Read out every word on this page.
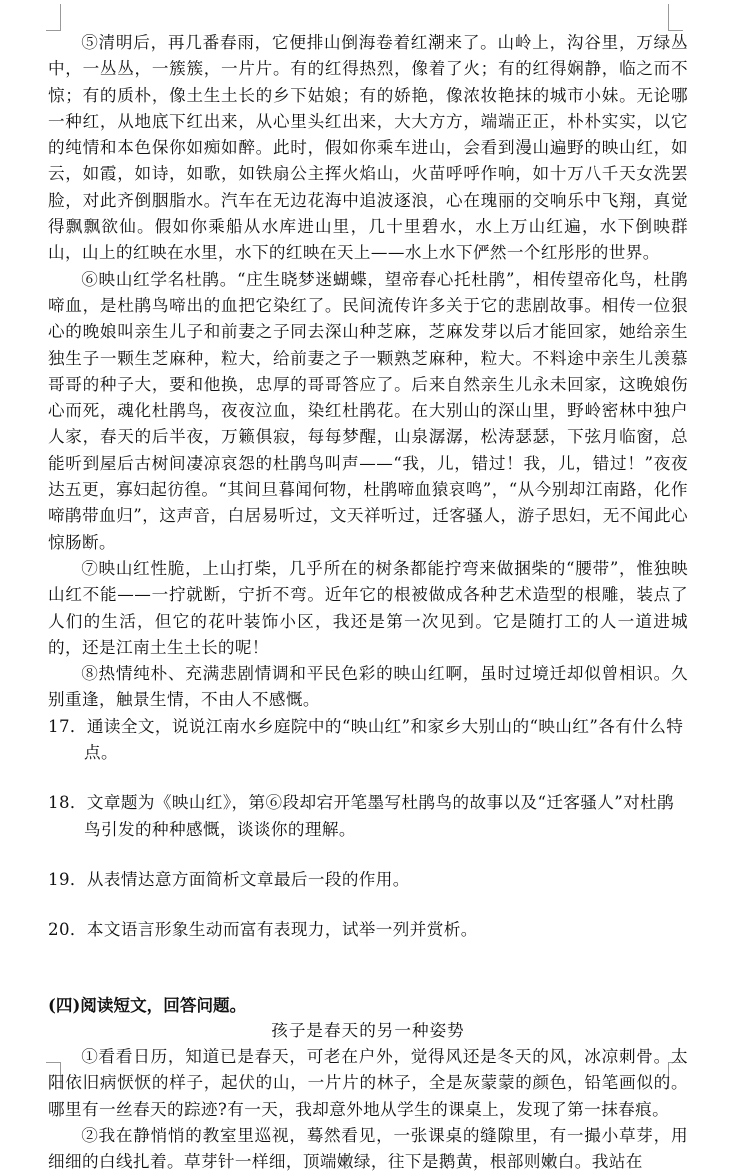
⑤清明后，再几番春雨，它便排山倒海卷着红潮来了。山岭上，沟谷里，万绿丛中，一丛丛，一簇簇，一片片。有的红得热烈，像着了火；有的红得娴静，临之而不惊；有的质朴，像土生土长的乡下姑娘；有的娇艳，像浓妆艳抹的城市小妹。无论哪一种红，从地底下红出来，从心里头红出来，大大方方，端端正正，朴朴实实，以它的纯情和本色保你如痴如醉。此时，假如你乘车进山，会看到漫山遍野的映山红，如云，如霞，如诗，如歌，如铁扇公主挥火焰山，火苗呼呼作响，如十万八千天女洗罢脸，对此齐倒胭脂水。汽车在无边花海中追波逐浪，心在瑰丽的交响乐中飞翔，真觉得飘飘欲仙。假如你乘船从水库进山里，几十里碧水，水上万山红遍，水下倒映群山，山上的红映在水里，水下的红映在天上——水上水下俨然一个红彤彤的世界。

⑥映山红学名杜鹃。“庄生晓梦迷蝴蝶，望帝春心托杜鹃”，相传望帝化鸟，杜鹃啼血，是杜鹃鸟啼出的血把它染红了。民间流传许多关于它的悲剧故事。相传一位狠心的晚娘叫亲生儿子和前妻之子同去深山种芝麻，芝麻发芽以后才能回家，她给亲生独生子一颗生芝麻种，粒大，给前妻之子一颗熟芝麻种，粒大。不料途中亲生儿羡慕哥哥的种子大，要和他换，忠厚的哥哥答应了。后来自然亲生儿永未回家，这晚娘伤心而死，魂化杜鹃鸟，夜夜泣血，染红杜鹃花。在大别山的深山里，野岭密林中独户人家，春天的后半夜，万籁俱寂，每每梦醒，山泉潺潺，松涛瑟瑟，下弦月临窗，总能听到屋后古树间凄凉哀怨的杜鹃鸟叫声——“我，儿，错过！我，儿，错过！”夜夜达五更，寡妇起彷徨。“其间旦暮闻何物，杜鹃啼血猿哀鸣”，“从今别却江南路，化作啼鹃带血归”，这声音，白居易听过，文天祥听过，迁客骚人，游子思妇，无不闻此心惊肠断。

⑦映山红性脆，上山打柴，几乎所在的树条都能拧弯来做捆柴的“腰带”，惟独映山红不能——一拧就断，宁折不弯。近年它的根被做成各种艺术造型的根雕，装点了人们的生活，但它的花叶装饰小区，我还是第一次见到。它是随打工的人一道进城的，还是江南土生土长的呢！

⑧热情纯朴、充满悲剧情调和平民色彩的映山红啊，虽时过境迁却似曾相识。久别重逢，触景生情，不由人不感慨。

17．通读全文，说说江南水乡庭院中的“映山红”和家乡大别山的“映山红”各有什么特点。

18．文章题为《映山红》，第⑥段却宕开笔墨写杜鹃鸟的故事以及“迁客骚人”对杜鹃鸟引发的种种感慨，谈谈你的理解。

19．从表情达意方面简析文章最后一段的作用。

20．本文语言形象生动而富有表现力，试举一列并赏析。

(四)阅读短文，回答问题。

孩子是春天的另一种姿势

①看看日历，知道已是春天，可老在户外，觉得风还是冬天的风，冰凉刺骨。太阳依旧病恹恹的样子，起伏的山，一片片的林子，全是灰蒙蒙的颜色，铅笔画似的。哪里有一丝春天的踪迹?有一天，我却意外地从学生的课桌上，发现了第一抹春痕。

②我在静悄悄的教室里巡视，蓦然看见，一张课桌的缝隙里，有一撮小草芽，用细细的白线扎着。草芽针一样细，顶端嫩绿，往下是鹅黄，根部则嫩白。我站在
